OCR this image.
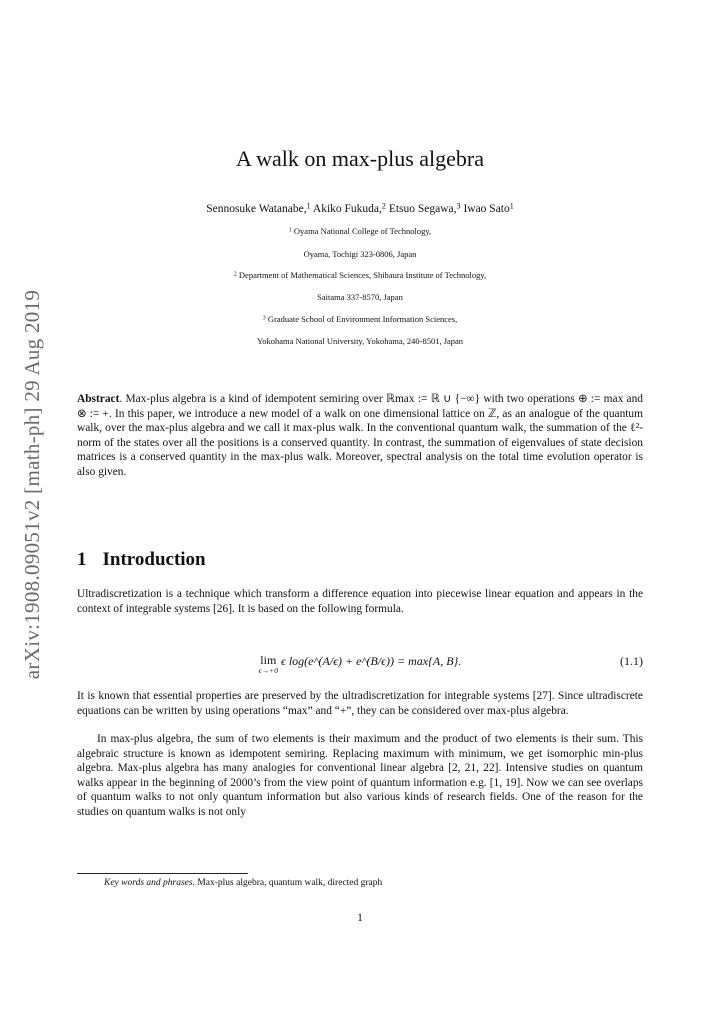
arXiv:1908.09051v2 [math-ph] 29 Aug 2019
A walk on max-plus algebra
Sennosuke Watanabe,$^1$ Akiko Fukuda,$^2$ Etsuo Segawa,$^3$ Iwao Sato$^1$
$^1$ Oyama National College of Technology,
Oyama, Tochigi 323-0806, Japan
$^2$ Department of Mathematical Sciences, Shibaura Institute of Technology,
Saitama 337-8570, Japan
$^3$ Graduate School of Environment Information Sciences,
Yokohama National University, Yokohama, 240-8501, Japan
Abstract. Max-plus algebra is a kind of idempotent semiring over ℝmax := ℝ ∪ {−∞} with two operations ⊕ := max and ⊗ := +. In this paper, we introduce a new model of a walk on one dimensional lattice on ℤ, as an analogue of the quantum walk, over the max-plus algebra and we call it max-plus walk. In the conventional quantum walk, the summation of the ℓ²-norm of the states over all the positions is a conserved quantity. In contrast, the summation of eigenvalues of state decision matrices is a conserved quantity in the max-plus walk. Moreover, spectral analysis on the total time evolution operator is also given.
1 Introduction
Ultradiscretization is a technique which transform a difference equation into piecewise linear equation and appears in the context of integrable systems [26]. It is based on the following formula.
lim
ϵ→+0
ϵ log(e^(A/ϵ) + e^(B/ϵ)) = max{A, B}.	(1.1)
It is known that essential properties are preserved by the ultradiscretization for integrable systems [27]. Since ultradiscrete equations can be written by using operations “max” and “+”, they can be considered over max-plus algebra.
In max-plus algebra, the sum of two elements is their maximum and the product of two elements is their sum. This algebraic structure is known as idempotent semiring. Replacing maximum with minimum, we get isomorphic min-plus algebra. Max-plus algebra has many analogies for conventional linear algebra [2, 21, 22]. Intensive studies on quantum walks appear in the beginning of 2000’s from the view point of quantum information e.g. [1, 19]. Now we can see overlaps of quantum walks to not only quantum information but also various kinds of research fields. One of the reason for the studies on quantum walks is not only
Key words and phrases. Max-plus algebra, quantum walk, directed graph
1
